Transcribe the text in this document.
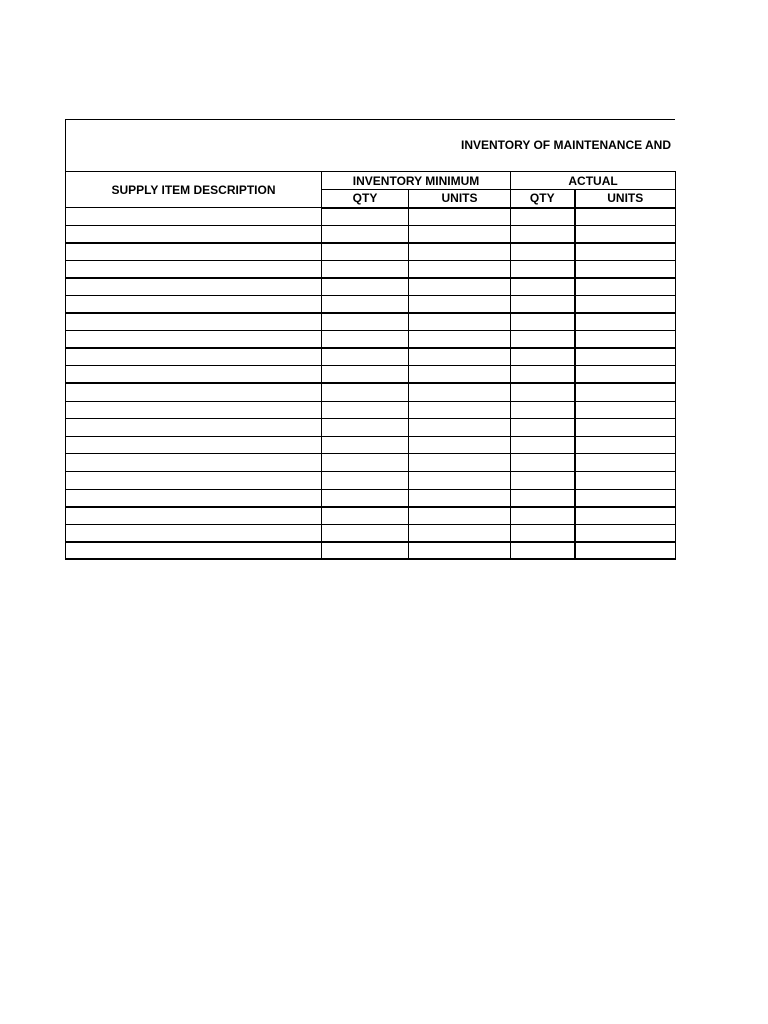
INVENTORY OF MAINTENANCE AND
SUPPLY ITEM DESCRIPTION	INVENTORY MINIMUM		ACTUAL	
	QTY	UNITS	QTY	UNITS
